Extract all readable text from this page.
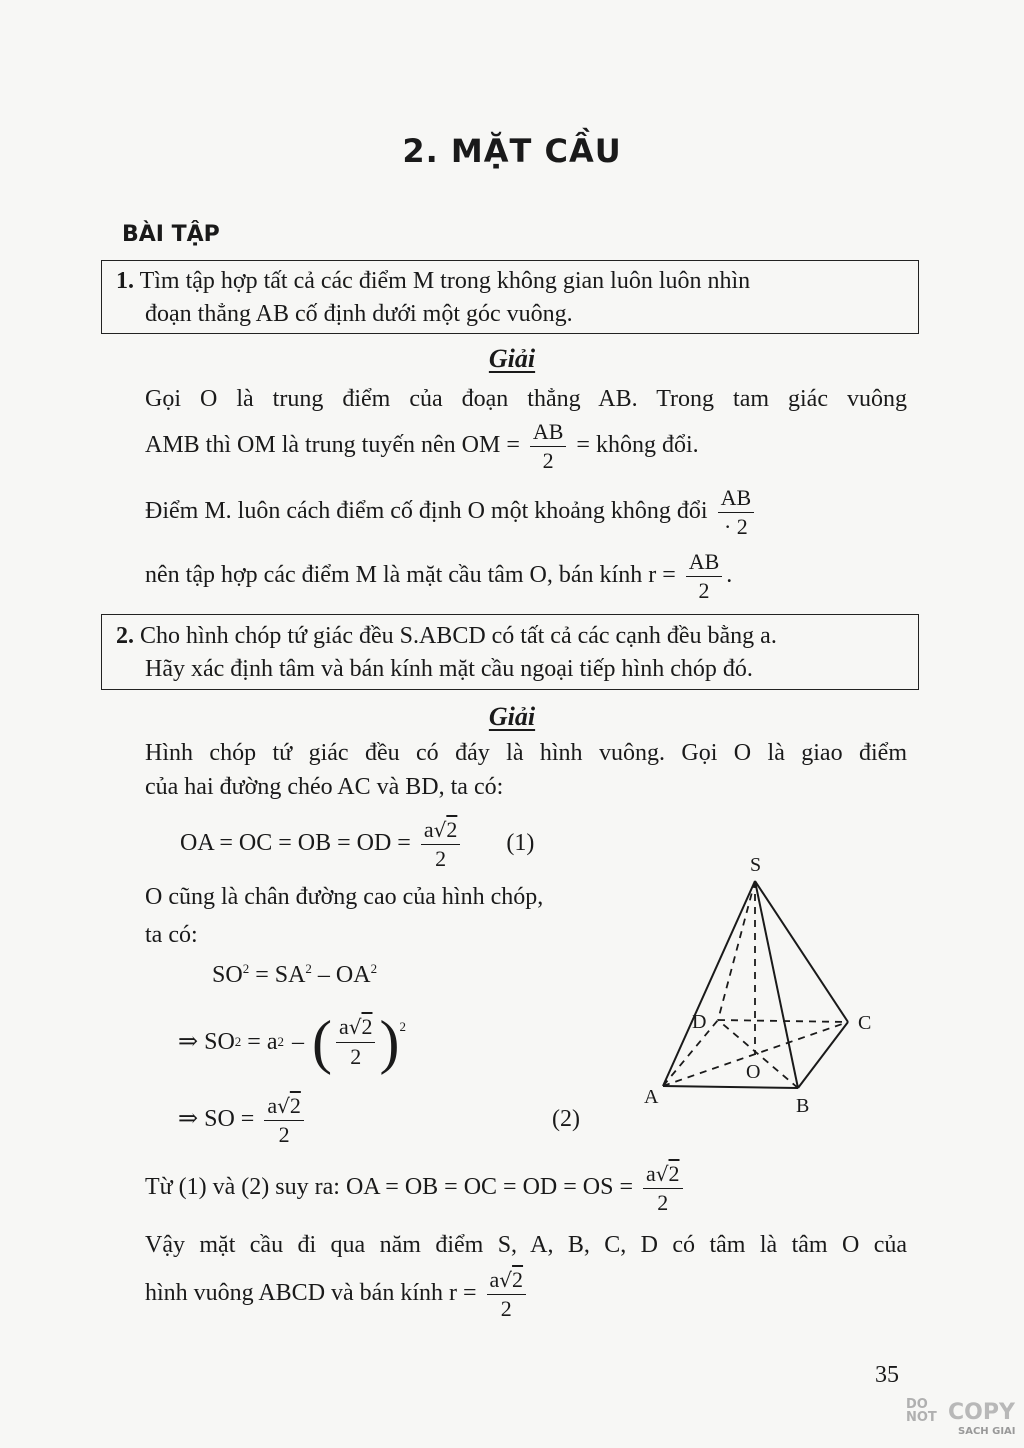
2. MẶT CẦU
BÀI TẬP
1. Tìm tập hợp tất cả các điểm M trong không gian luôn luôn nhìn
đoạn thẳng AB cố định dưới một góc vuông.
Giải
Gọi O là trung điểm của đoạn thẳng AB. Trong tam giác vuông
AMB thì OM là trung tuyến nên OM = $\frac{AB}{2}$ = không đổi.
Điểm M. luôn cách điểm cố định O một khoảng không đổi $\frac{AB}{\cdot 2}$
nên tập hợp các điểm M là mặt cầu tâm O, bán kính $r = \frac{AB}{2}$ .
2. Cho hình chóp tứ giác đều S.ABCD có tất cả các cạnh đều bằng a.
Hãy xác định tâm và bán kính mặt cầu ngoại tiếp hình chóp đó.
Giải
Hình chóp tứ giác đều có đáy là hình vuông. Gọi O là giao điểm
của hai đường chéo AC và BD, ta có:
OA = OC = OB = OD = $\frac{a√2}{2} (1)$
O cũng là chân đường cao của hình chóp,
ta có:
$SO^2 = SA^2 - OA^2$
⇒ SO 2 = a 2 – ( $\frac{a√2}{2} )^2$
⇒ SO = $\frac{a√2}{2}$	(2)
S
D	C
O
A	B
Từ (1) và (2) suy ra: OA = OB = OC = OD = OS = $\frac{a√2}{2}$
Vậy mặt cầu đi qua năm điểm S, A, B, C, D có tâm là tâm O của
hình vuông ABCD và bán kính $r = \frac{a√2}{2}$
35
DO
NOT COPY
SACH GIAI
